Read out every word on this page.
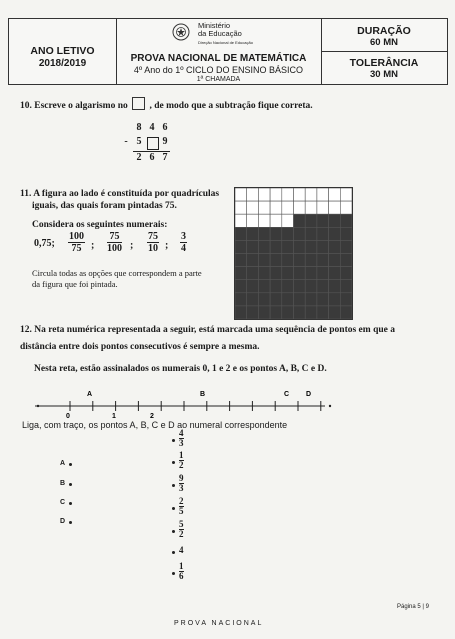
ANO LETIVO
2018/2019
Ministério
da Educação
Direção Nacional de Educação
PROVA NACIONAL DE MATEMÁTICA
4º Ano do 1º CICLO DO ENSINO BÁSICO
1ª CHAMADA
DURAÇÃO
60 MN
TOLERÂNCIA
30 MN
10. Escreve o algarismo no , de modo que a subtração fique correta.
8 4 6
- 5 9
2 6 7
11. A figura ao lado é constituída por quadrículas
iguais, das quais foram pintadas 75.
Considera os seguintes numerais:
0,75; $\frac{100}{75}$ ; $\frac{75}{100}$ ; $\frac{75}{10}$ ; $\frac{3}{4}$
Circula todas as opções que correspondem a parte
da figura que foi pintada.
12. Na reta numérica representada a seguir, está marcada uma sequência de pontos em que a
distância entre dois pontos consecutivos é sempre a mesma.
Nesta reta, estão assinalados os numerais 0, 1 e 2 e os pontos A, B, C e D.
A	B	C D
0	1	2
Liga, com traço, os pontos A, B, C e D ao numeral correspondente
A
B
C
D
$\frac{4}{3}$
$\frac{1}{2}$
$\frac{9}{3}$
$\frac{2}{5}$
$\frac{5}{2}$
4
$\frac{1}{6}$
Página 5 | 9
PROVA NACIONAL
